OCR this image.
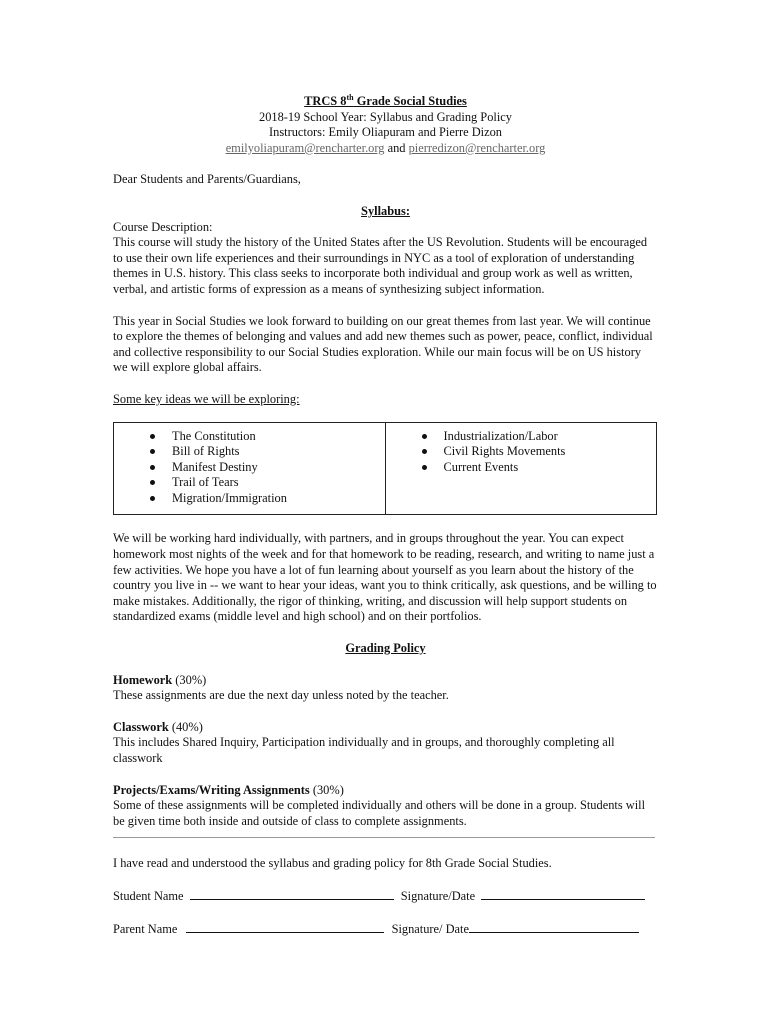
TRCS 8th Grade Social Studies

2018-19 School Year: Syllabus and Grading Policy

Instructors: Emily Oliapuram and Pierre Dizon

emilyoliapuram@rencharter.org and pierredizon@rencharter.org

Dear Students and Parents/Guardians,

Syllabus:

Course Description:

This course will study the history of the United States after the US Revolution. Students will be encouraged to use their own life experiences and their surroundings in NYC as a tool of exploration of understanding themes in U.S. history. This class seeks to incorporate both individual and group work as well as written, verbal, and artistic forms of expression as a means of synthesizing subject information.

This year in Social Studies we look forward to building on our great themes from last year. We will continue to explore the themes of belonging and values and add new themes such as power, peace, conflict, individual and collective responsibility to our Social Studies exploration. While our main focus will be on US history we will explore global affairs.

Some key ideas we will be exploring:

The Constitution
Bill of Rights
Manifest Destiny
Trail of Tears
Migration/Immigration

Industrialization/Labor
Civil Rights Movements
Current Events

We will be working hard individually, with partners, and in groups throughout the year. You can expect homework most nights of the week and for that homework to be reading, research, and writing to name just a few activities. We hope you have a lot of fun learning about yourself as you learn about the history of the country you live in -- we want to hear your ideas, want you to think critically, ask questions, and be willing to make mistakes. Additionally, the rigor of thinking, writing, and discussion will help support students on standardized exams (middle level and high school) and on their portfolios.

Grading Policy

Homework (30%)

These assignments are due the next day unless noted by the teacher.

Classwork (40%)

This includes Shared Inquiry, Participation individually and in groups, and thoroughly completing all classwork

Projects/Exams/Writing Assignments (30%)

Some of these assignments will be completed individually and others will be done in a group. Students will be given time both inside and outside of class to complete assignments.

I have read and understood the syllabus and grading policy for 8th Grade Social Studies.

Student Name	Signature/Date

Parent Name	Signature/ Date
